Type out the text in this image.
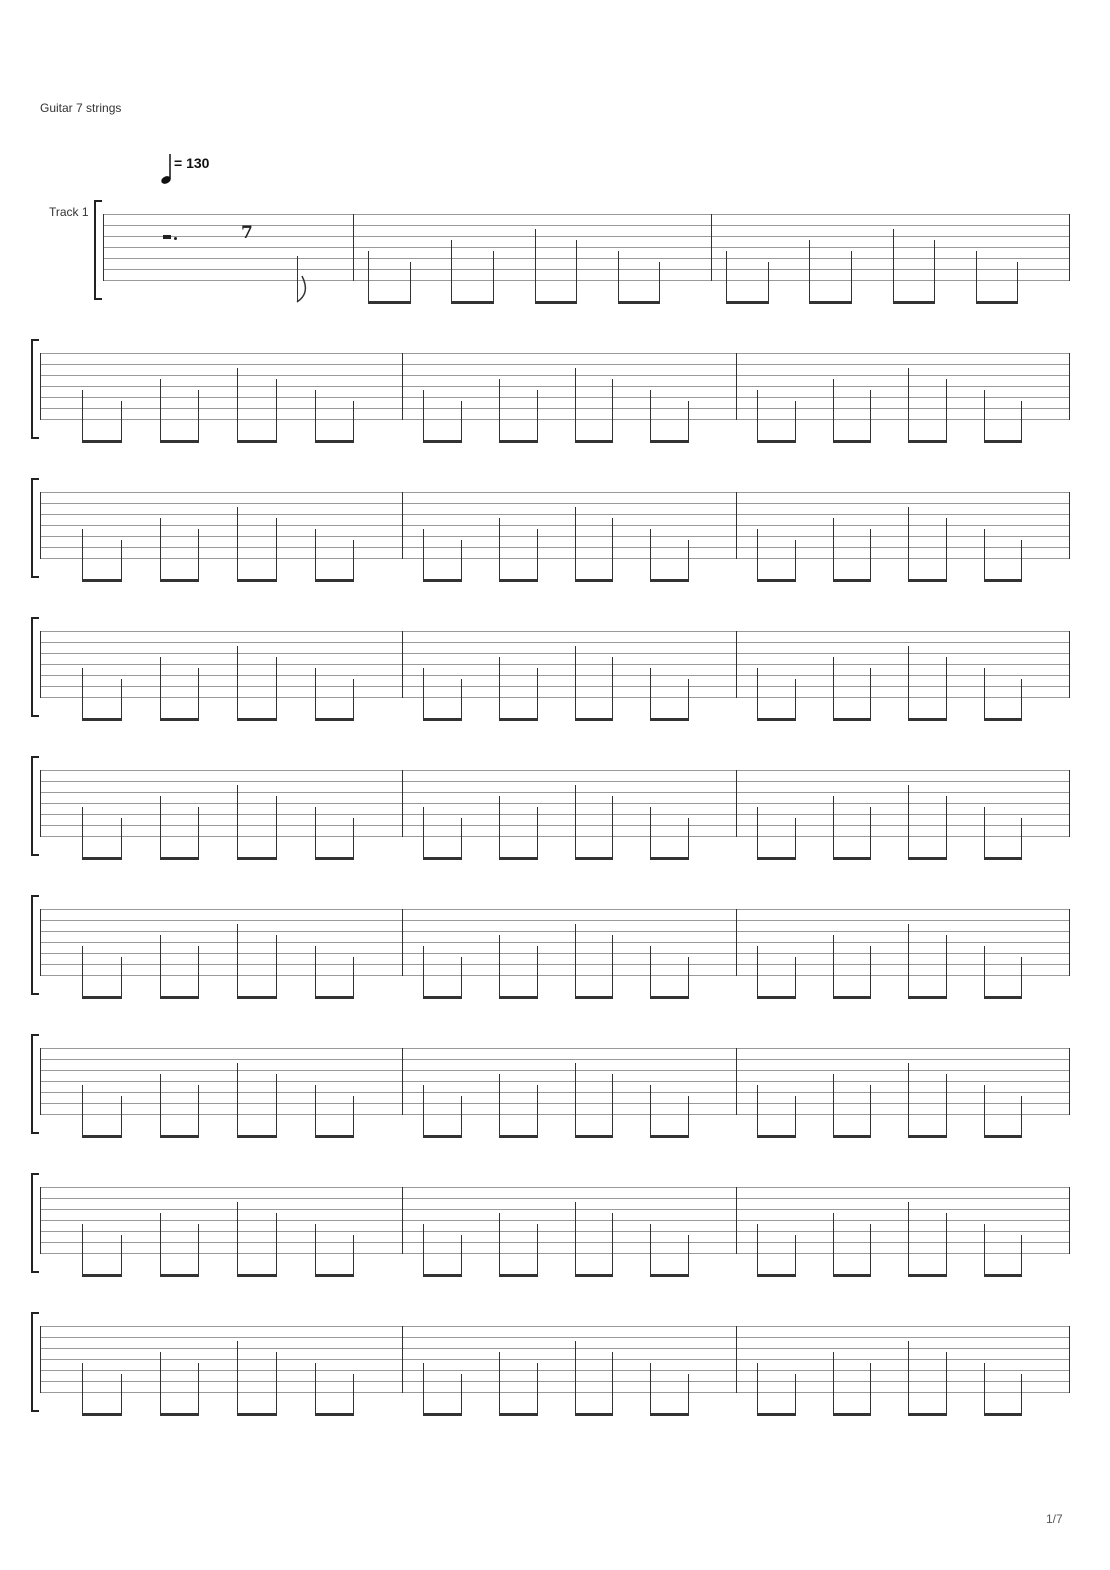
Guitar 7 strings
= 130
Track 1
7
1/7
